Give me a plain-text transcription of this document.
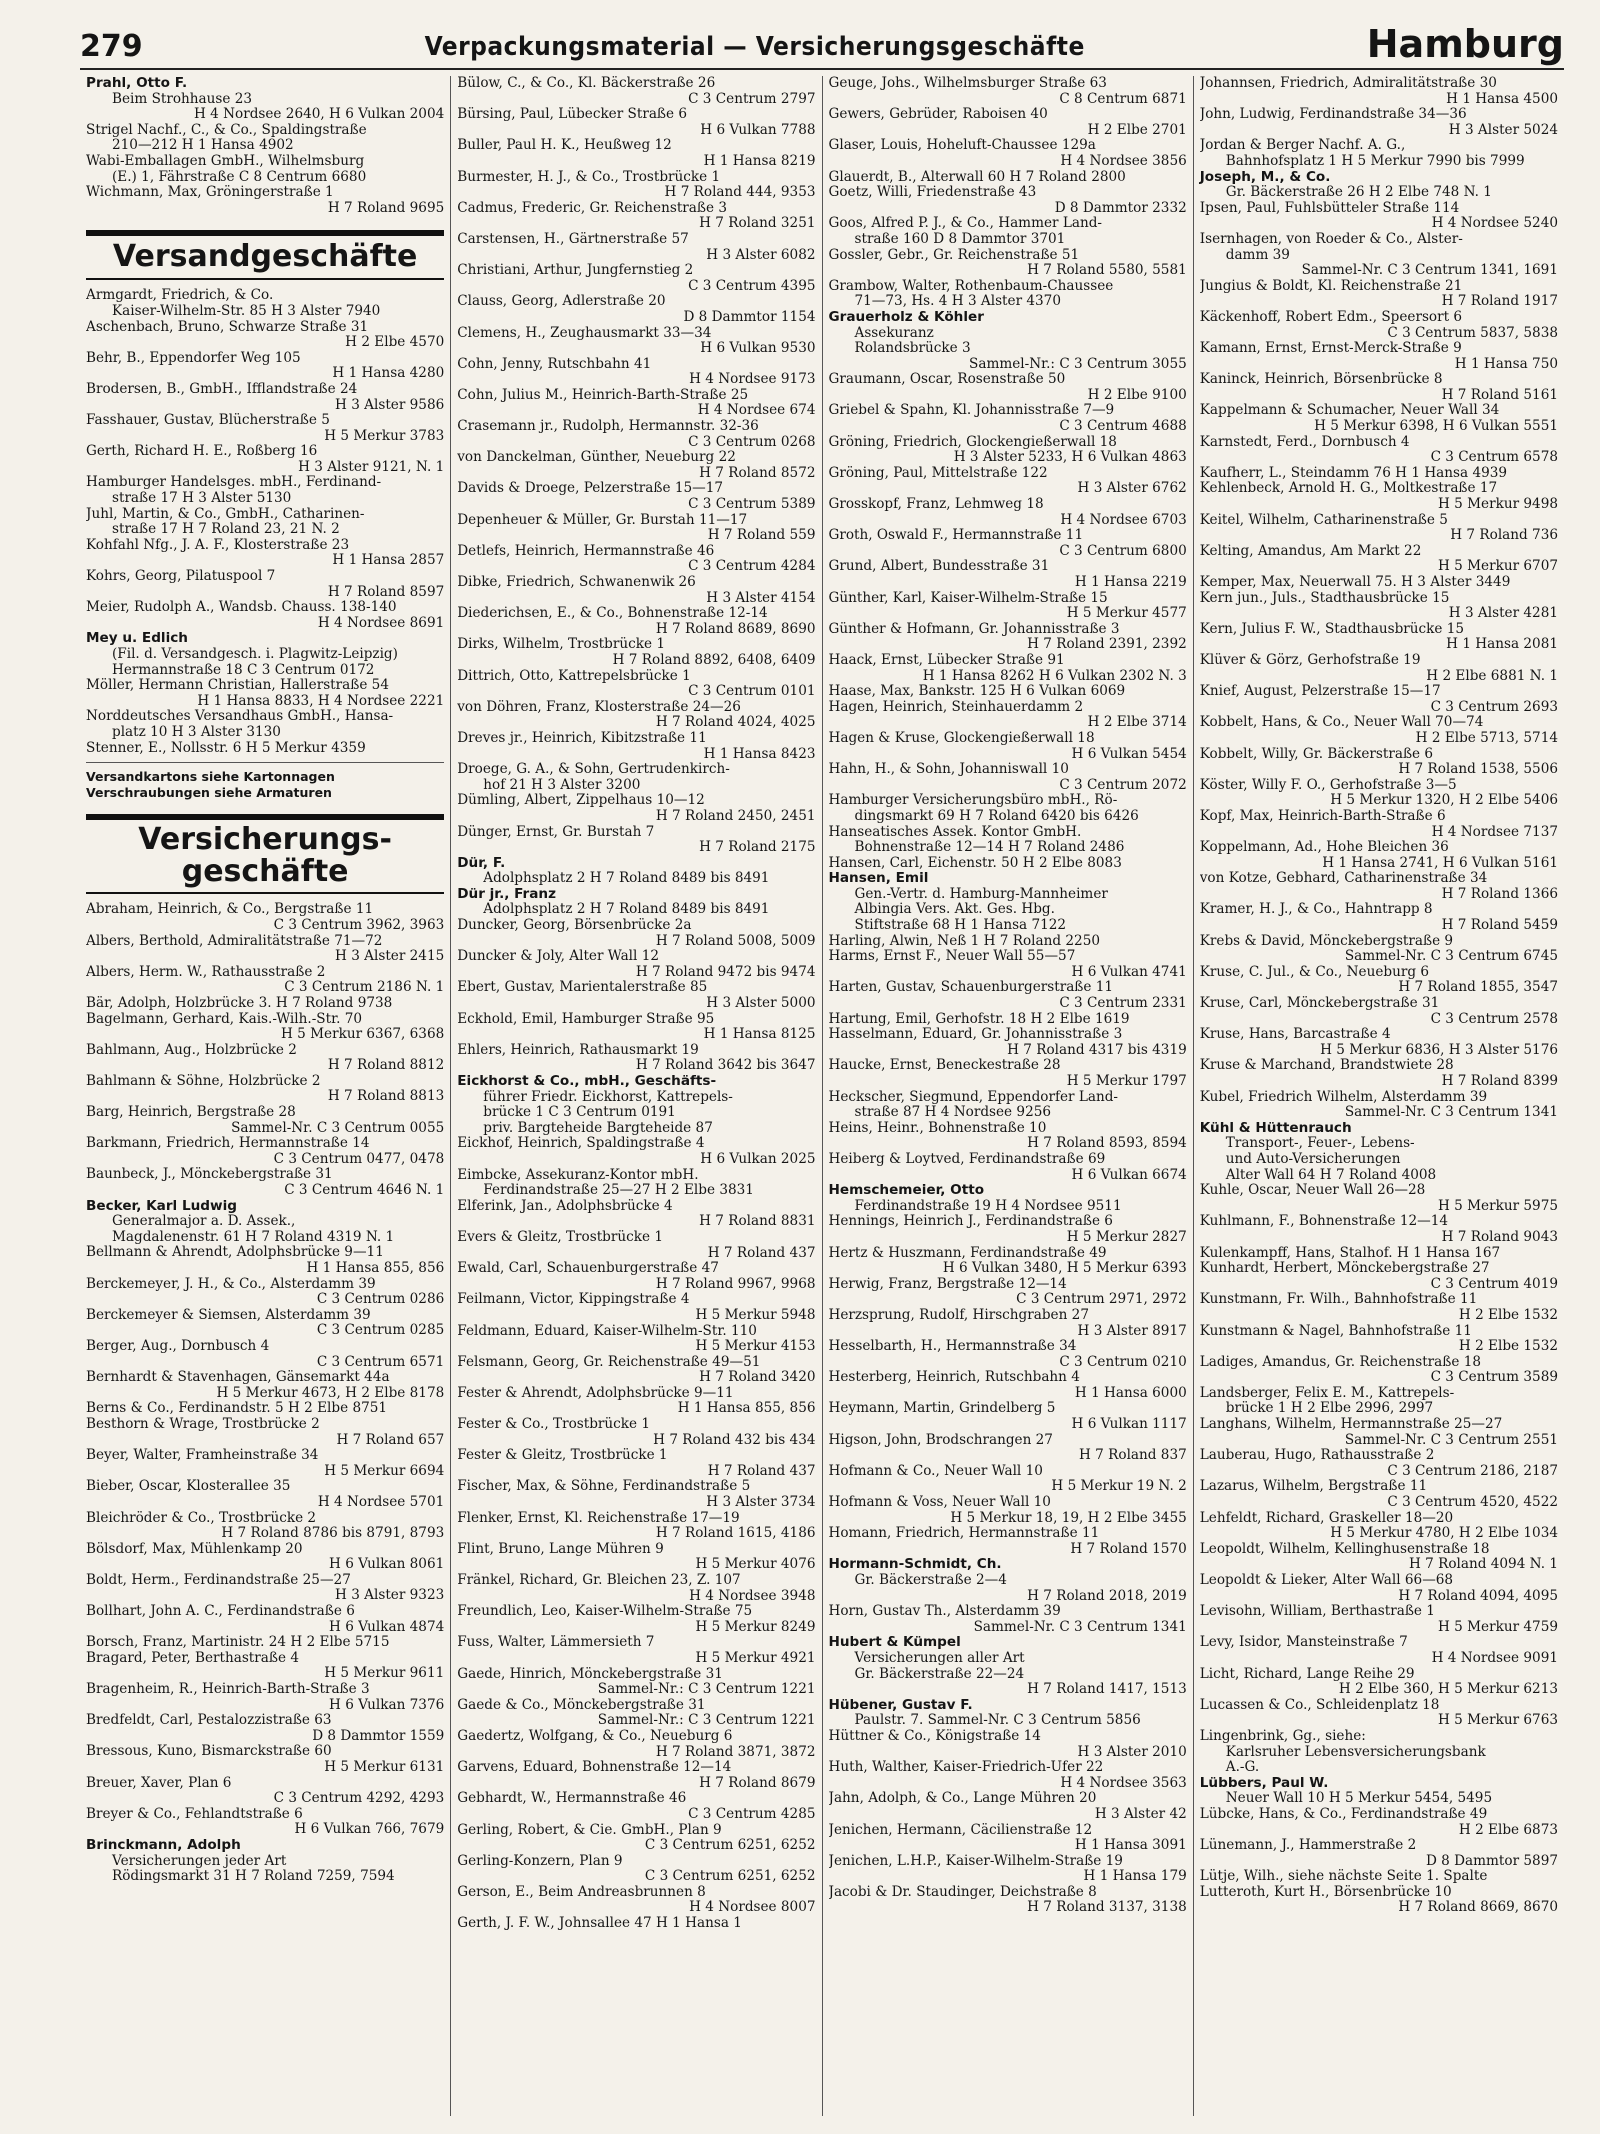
279	Verpackungsmaterial — Versicherungsgeschäfte	Hamburg
Prahl, Otto F.
Beim Strohhause 23
H 4 Nordsee 2640, H 6 Vulkan 2004
Strigel Nachf., C., & Co., Spaldingstraße
210—212 H 1 Hansa 4902
Wabi-Emballagen GmbH., Wilhelmsburg
(E.) 1, Fährstraße C 8 Centrum 6680
Wichmann, Max, Gröningerstraße 1
H 7 Roland 9695
Versandgeschäfte
Armgardt, Friedrich, & Co.
Kaiser-Wilhelm-Str. 85 H 3 Alster 7940
Aschenbach, Bruno, Schwarze Straße 31
H 2 Elbe 4570
Behr, B., Eppendorfer Weg 105
H 1 Hansa 4280
Brodersen, B., GmbH., Ifflandstraße 24
H 3 Alster 9586
Fasshauer, Gustav, Blücherstraße 5
H 5 Merkur 3783
Gerth, Richard H. E., Roßberg 16
H 3 Alster 9121, N. 1
Hamburger Handelsges. mbH., Ferdinand-
straße 17 H 3 Alster 5130
Juhl, Martin, & Co., GmbH., Catharinen-
straße 17 H 7 Roland 23, 21 N. 2
Kohfahl Nfg., J. A. F., Klosterstraße 23
H 1 Hansa 2857
Kohrs, Georg, Pilatuspool 7
H 7 Roland 8597
Meier, Rudolph A., Wandsb. Chauss. 138-140
H 4 Nordsee 8691
Mey u. Edlich
(Fil. d. Versandgesch. i. Plagwitz-Leipzig)
Hermannstraße 18 C 3 Centrum 0172
Möller, Hermann Christian, Hallerstraße 54
H 1 Hansa 8833, H 4 Nordsee 2221
Norddeutsches Versandhaus GmbH., Hansa-
platz 10 H 3 Alster 3130
Stenner, E., Nollsstr. 6 H 5 Merkur 4359
Versandkartons siehe Kartonnagen
Verschraubungen siehe Armaturen
Versicherungs-
geschäfte
Abraham, Heinrich, & Co., Bergstraße 11
C 3 Centrum 3962, 3963
Albers, Berthold, Admiralitätstraße 71—72
H 3 Alster 2415
Albers, Herm. W., Rathausstraße 2
C 3 Centrum 2186 N. 1
Bär, Adolph, Holzbrücke 3. H 7 Roland 9738
Bagelmann, Gerhard, Kais.-Wilh.-Str. 70
H 5 Merkur 6367, 6368
Bahlmann, Aug., Holzbrücke 2
H 7 Roland 8812
Bahlmann & Söhne, Holzbrücke 2
H 7 Roland 8813
Barg, Heinrich, Bergstraße 28
Sammel-Nr. C 3 Centrum 0055
Barkmann, Friedrich, Hermannstraße 14
C 3 Centrum 0477, 0478
Baunbeck, J., Mönckebergstraße 31
C 3 Centrum 4646 N. 1
Becker, Karl Ludwig
Generalmajor a. D. Assek.,
Magdalenenstr. 61 H 7 Roland 4319 N. 1
Bellmann & Ahrendt, Adolphsbrücke 9—11
H 1 Hansa 855, 856
Berckemeyer, J. H., & Co., Alsterdamm 39
C 3 Centrum 0286
Berckemeyer & Siemsen, Alsterdamm 39
C 3 Centrum 0285
Berger, Aug., Dornbusch 4
C 3 Centrum 6571
Bernhardt & Stavenhagen, Gänsemarkt 44a
H 5 Merkur 4673, H 2 Elbe 8178
Berns & Co., Ferdinandstr. 5 H 2 Elbe 8751
Besthorn & Wrage, Trostbrücke 2
H 7 Roland 657
Beyer, Walter, Framheinstraße 34
H 5 Merkur 6694
Bieber, Oscar, Klosterallee 35
H 4 Nordsee 5701
Bleichröder & Co., Trostbrücke 2
H 7 Roland 8786 bis 8791, 8793
Bölsdorf, Max, Mühlenkamp 20
H 6 Vulkan 8061
Boldt, Herm., Ferdinandstraße 25—27
H 3 Alster 9323
Bollhart, John A. C., Ferdinandstraße 6
H 6 Vulkan 4874
Borsch, Franz, Martinistr. 24 H 2 Elbe 5715
Bragard, Peter, Berthastraße 4
H 5 Merkur 9611
Bragenheim, R., Heinrich-Barth-Straße 3
H 6 Vulkan 7376
Bredfeldt, Carl, Pestalozzistraße 63
D 8 Dammtor 1559
Bressous, Kuno, Bismarckstraße 60
H 5 Merkur 6131
Breuer, Xaver, Plan 6
C 3 Centrum 4292, 4293
Breyer & Co., Fehlandtstraße 6
H 6 Vulkan 766, 7679
Brinckmann, Adolph
Versicherungen jeder Art
Rödingsmarkt 31 H 7 Roland 7259, 7594
Bülow, C., & Co., Kl. Bäckerstraße 26
C 3 Centrum 2797
Bürsing, Paul, Lübecker Straße 6
H 6 Vulkan 7788
Buller, Paul H. K., Heußweg 12
H 1 Hansa 8219
Burmester, H. J., & Co., Trostbrücke 1
H 7 Roland 444, 9353
Cadmus, Frederic, Gr. Reichenstraße 3
H 7 Roland 3251
Carstensen, H., Gärtnerstraße 57
H 3 Alster 6082
Christiani, Arthur, Jungfernstieg 2
C 3 Centrum 4395
Clauss, Georg, Adlerstraße 20
D 8 Dammtor 1154
Clemens, H., Zeughausmarkt 33—34
H 6 Vulkan 9530
Cohn, Jenny, Rutschbahn 41
H 4 Nordsee 9173
Cohn, Julius M., Heinrich-Barth-Straße 25
H 4 Nordsee 674
Crasemann jr., Rudolph, Hermannstr. 32-36
C 3 Centrum 0268
von Danckelman, Günther, Neueburg 22
H 7 Roland 8572
Davids & Droege, Pelzerstraße 15—17
C 3 Centrum 5389
Depenheuer & Müller, Gr. Burstah 11—17
H 7 Roland 559
Detlefs, Heinrich, Hermannstraße 46
C 3 Centrum 4284
Dibke, Friedrich, Schwanenwik 26
H 3 Alster 4154
Diederichsen, E., & Co., Bohnenstraße 12-14
H 7 Roland 8689, 8690
Dirks, Wilhelm, Trostbrücke 1
H 7 Roland 8892, 6408, 6409
Dittrich, Otto, Kattrepelsbrücke 1
C 3 Centrum 0101
von Döhren, Franz, Klosterstraße 24—26
H 7 Roland 4024, 4025
Dreves jr., Heinrich, Kibitzstraße 11
H 1 Hansa 8423
Droege, G. A., & Sohn, Gertrudenkirch-
hof 21 H 3 Alster 3200
Dümling, Albert, Zippelhaus 10—12
H 7 Roland 2450, 2451
Dünger, Ernst, Gr. Burstah 7
H 7 Roland 2175
Dür, F.
Adolphsplatz 2 H 7 Roland 8489 bis 8491
Dür jr., Franz
Adolphsplatz 2 H 7 Roland 8489 bis 8491
Duncker, Georg, Börsenbrücke 2a
H 7 Roland 5008, 5009
Duncker & Joly, Alter Wall 12
H 7 Roland 9472 bis 9474
Ebert, Gustav, Marientalerstraße 85
H 3 Alster 5000
Eckhold, Emil, Hamburger Straße 95
H 1 Hansa 8125
Ehlers, Heinrich, Rathausmarkt 19
H 7 Roland 3642 bis 3647
Eickhorst & Co., mbH., Geschäfts-
führer Friedr. Eickhorst, Kattrepels-
brücke 1 C 3 Centrum 0191
priv. Bargteheide Bargteheide 87
Eickhof, Heinrich, Spaldingstraße 4
H 6 Vulkan 2025
Eimbcke, Assekuranz-Kontor mbH.
Ferdinandstraße 25—27 H 2 Elbe 3831
Elferink, Jan., Adolphsbrücke 4
H 7 Roland 8831
Evers & Gleitz, Trostbrücke 1
H 7 Roland 437
Ewald, Carl, Schauenburgerstraße 47
H 7 Roland 9967, 9968
Feilmann, Victor, Kippingstraße 4
H 5 Merkur 5948
Feldmann, Eduard, Kaiser-Wilhelm-Str. 110
H 5 Merkur 4153
Felsmann, Georg, Gr. Reichenstraße 49—51
H 7 Roland 3420
Fester & Ahrendt, Adolphsbrücke 9—11
H 1 Hansa 855, 856
Fester & Co., Trostbrücke 1
H 7 Roland 432 bis 434
Fester & Gleitz, Trostbrücke 1
H 7 Roland 437
Fischer, Max, & Söhne, Ferdinandstraße 5
H 3 Alster 3734
Flenker, Ernst, Kl. Reichenstraße 17—19
H 7 Roland 1615, 4186
Flint, Bruno, Lange Mühren 9
H 5 Merkur 4076
Fränkel, Richard, Gr. Bleichen 23, Z. 107
H 4 Nordsee 3948
Freundlich, Leo, Kaiser-Wilhelm-Straße 75
H 5 Merkur 8249
Fuss, Walter, Lämmersieth 7
H 5 Merkur 4921
Gaede, Hinrich, Mönckebergstraße 31
Sammel-Nr.: C 3 Centrum 1221
Gaede & Co., Mönckebergstraße 31
Sammel-Nr.: C 3 Centrum 1221
Gaedertz, Wolfgang, & Co., Neueburg 6
H 7 Roland 3871, 3872
Garvens, Eduard, Bohnenstraße 12—14
H 7 Roland 8679
Gebhardt, W., Hermannstraße 46
C 3 Centrum 4285
Gerling, Robert, & Cie. GmbH., Plan 9
C 3 Centrum 6251, 6252
Gerling-Konzern, Plan 9
C 3 Centrum 6251, 6252
Gerson, E., Beim Andreasbrunnen 8
H 4 Nordsee 8007
Gerth, J. F. W., Johnsallee 47 H 1 Hansa 1
Geuge, Johs., Wilhelmsburger Straße 63
C 8 Centrum 6871
Gewers, Gebrüder, Raboisen 40
H 2 Elbe 2701
Glaser, Louis, Hoheluft-Chaussee 129a
H 4 Nordsee 3856
Glauerdt, B., Alterwall 60 H 7 Roland 2800
Goetz, Willi, Friedenstraße 43
D 8 Dammtor 2332
Goos, Alfred P. J., & Co., Hammer Land-
straße 160 D 8 Dammtor 3701
Gossler, Gebr., Gr. Reichenstraße 51
H 7 Roland 5580, 5581
Grambow, Walter, Rothenbaum-Chaussee
71—73, Hs. 4 H 3 Alster 4370
Grauerholz & Köhler
Assekuranz
Rolandsbrücke 3
Sammel-Nr.: C 3 Centrum 3055
Graumann, Oscar, Rosenstraße 50
H 2 Elbe 9100
Griebel & Spahn, Kl. Johannisstraße 7—9
C 3 Centrum 4688
Gröning, Friedrich, Glockengießerwall 18
H 3 Alster 5233, H 6 Vulkan 4863
Gröning, Paul, Mittelstraße 122
H 3 Alster 6762
Grosskopf, Franz, Lehmweg 18
H 4 Nordsee 6703
Groth, Oswald F., Hermannstraße 11
C 3 Centrum 6800
Grund, Albert, Bundesstraße 31
H 1 Hansa 2219
Günther, Karl, Kaiser-Wilhelm-Straße 15
H 5 Merkur 4577
Günther & Hofmann, Gr. Johannisstraße 3
H 7 Roland 2391, 2392
Haack, Ernst, Lübecker Straße 91
H 1 Hansa 8262 H 6 Vulkan 2302 N. 3
Haase, Max, Bankstr. 125 H 6 Vulkan 6069
Hagen, Heinrich, Steinhauerdamm 2
H 2 Elbe 3714
Hagen & Kruse, Glockengießerwall 18
H 6 Vulkan 5454
Hahn, H., & Sohn, Johanniswall 10
C 3 Centrum 2072
Hamburger Versicherungsbüro mbH., Rö-
dingsmarkt 69 H 7 Roland 6420 bis 6426
Hanseatisches Assek. Kontor GmbH.
Bohnenstraße 12—14 H 7 Roland 2486
Hansen, Carl, Eichenstr. 50 H 2 Elbe 8083
Hansen, Emil
Gen.-Vertr. d. Hamburg-Mannheimer
Albingia Vers. Akt. Ges. Hbg.
Stiftstraße 68 H 1 Hansa 7122
Harling, Alwin, Neß 1 H 7 Roland 2250
Harms, Ernst F., Neuer Wall 55—57
H 6 Vulkan 4741
Harten, Gustav, Schauenburgerstraße 11
C 3 Centrum 2331
Hartung, Emil, Gerhofstr. 18 H 2 Elbe 1619
Hasselmann, Eduard, Gr. Johannisstraße 3
H 7 Roland 4317 bis 4319
Haucke, Ernst, Beneckestraße 28
H 5 Merkur 1797
Heckscher, Siegmund, Eppendorfer Land-
straße 87 H 4 Nordsee 9256
Heins, Heinr., Bohnenstraße 10
H 7 Roland 8593, 8594
Heiberg & Loytved, Ferdinandstraße 69
H 6 Vulkan 6674
Hemschemeier, Otto
Ferdinandstraße 19 H 4 Nordsee 9511
Hennings, Heinrich J., Ferdinandstraße 6
H 5 Merkur 2827
Hertz & Huszmann, Ferdinandstraße 49
H 6 Vulkan 3480, H 5 Merkur 6393
Herwig, Franz, Bergstraße 12—14
C 3 Centrum 2971, 2972
Herzsprung, Rudolf, Hirschgraben 27
H 3 Alster 8917
Hesselbarth, H., Hermannstraße 34
C 3 Centrum 0210
Hesterberg, Heinrich, Rutschbahn 4
H 1 Hansa 6000
Heymann, Martin, Grindelberg 5
H 6 Vulkan 1117
Higson, John, Brodschrangen 27
H 7 Roland 837
Hofmann & Co., Neuer Wall 10
H 5 Merkur 19 N. 2
Hofmann & Voss, Neuer Wall 10
H 5 Merkur 18, 19, H 2 Elbe 3455
Homann, Friedrich, Hermannstraße 11
H 7 Roland 1570
Hormann-Schmidt, Ch.
Gr. Bäckerstraße 2—4
H 7 Roland 2018, 2019
Horn, Gustav Th., Alsterdamm 39
Sammel-Nr. C 3 Centrum 1341
Hubert & Kümpel
Versicherungen aller Art
Gr. Bäckerstraße 22—24
H 7 Roland 1417, 1513
Hübener, Gustav F.
Paulstr. 7. Sammel-Nr. C 3 Centrum 5856
Hüttner & Co., Königstraße 14
H 3 Alster 2010
Huth, Walther, Kaiser-Friedrich-Ufer 22
H 4 Nordsee 3563
Jahn, Adolph, & Co., Lange Mühren 20
H 3 Alster 42
Jenichen, Hermann, Cäcilienstraße 12
H 1 Hansa 3091
Jenichen, L.H.P., Kaiser-Wilhelm-Straße 19
H 1 Hansa 179
Jacobi & Dr. Staudinger, Deichstraße 8
H 7 Roland 3137, 3138
Johannsen, Friedrich, Admiralitätstraße 30
H 1 Hansa 4500
John, Ludwig, Ferdinandstraße 34—36
H 3 Alster 5024
Jordan & Berger Nachf. A. G.,
Bahnhofsplatz 1 H 5 Merkur 7990 bis 7999
Joseph, M., & Co.
Gr. Bäckerstraße 26 H 2 Elbe 748 N. 1
Ipsen, Paul, Fuhlsbütteler Straße 114
H 4 Nordsee 5240
Isernhagen, von Roeder & Co., Alster-
damm 39
Sammel-Nr. C 3 Centrum 1341, 1691
Jungius & Boldt, Kl. Reichenstraße 21
H 7 Roland 1917
Käckenhoff, Robert Edm., Speersort 6
C 3 Centrum 5837, 5838
Kamann, Ernst, Ernst-Merck-Straße 9
H 1 Hansa 750
Kaninck, Heinrich, Börsenbrücke 8
H 7 Roland 5161
Kappelmann & Schumacher, Neuer Wall 34
H 5 Merkur 6398, H 6 Vulkan 5551
Karnstedt, Ferd., Dornbusch 4
C 3 Centrum 6578
Kaufherr, L., Steindamm 76 H 1 Hansa 4939
Kehlenbeck, Arnold H. G., Moltkestraße 17
H 5 Merkur 9498
Keitel, Wilhelm, Catharinenstraße 5
H 7 Roland 736
Kelting, Amandus, Am Markt 22
H 5 Merkur 6707
Kemper, Max, Neuerwall 75. H 3 Alster 3449
Kern jun., Juls., Stadthausbrücke 15
H 3 Alster 4281
Kern, Julius F. W., Stadthausbrücke 15
H 1 Hansa 2081
Klüver & Görz, Gerhofstraße 19
H 2 Elbe 6881 N. 1
Knief, August, Pelzerstraße 15—17
C 3 Centrum 2693
Kobbelt, Hans, & Co., Neuer Wall 70—74
H 2 Elbe 5713, 5714
Kobbelt, Willy, Gr. Bäckerstraße 6
H 7 Roland 1538, 5506
Köster, Willy F. O., Gerhofstraße 3—5
H 5 Merkur 1320, H 2 Elbe 5406
Kopf, Max, Heinrich-Barth-Straße 6
H 4 Nordsee 7137
Koppelmann, Ad., Hohe Bleichen 36
H 1 Hansa 2741, H 6 Vulkan 5161
von Kotze, Gebhard, Catharinenstraße 34
H 7 Roland 1366
Kramer, H. J., & Co., Hahntrapp 8
H 7 Roland 5459
Krebs & David, Mönckebergstraße 9
Sammel-Nr. C 3 Centrum 6745
Kruse, C. Jul., & Co., Neueburg 6
H 7 Roland 1855, 3547
Kruse, Carl, Mönckebergstraße 31
C 3 Centrum 2578
Kruse, Hans, Barcastraße 4
H 5 Merkur 6836, H 3 Alster 5176
Kruse & Marchand, Brandstwiete 28
H 7 Roland 8399
Kubel, Friedrich Wilhelm, Alsterdamm 39
Sammel-Nr. C 3 Centrum 1341
Kühl & Hüttenrauch
Transport-, Feuer-, Lebens-
und Auto-Versicherungen
Alter Wall 64 H 7 Roland 4008
Kuhle, Oscar, Neuer Wall 26—28
H 5 Merkur 5975
Kuhlmann, F., Bohnenstraße 12—14
H 7 Roland 9043
Kulenkampff, Hans, Stalhof. H 1 Hansa 167
Kunhardt, Herbert, Mönckebergstraße 27
C 3 Centrum 4019
Kunstmann, Fr. Wilh., Bahnhofstraße 11
H 2 Elbe 1532
Kunstmann & Nagel, Bahnhofstraße 11
H 2 Elbe 1532
Ladiges, Amandus, Gr. Reichenstraße 18
C 3 Centrum 3589
Landsberger, Felix E. M., Kattrepels-
brücke 1 H 2 Elbe 2996, 2997
Langhans, Wilhelm, Hermannstraße 25—27
Sammel-Nr. C 3 Centrum 2551
Lauberau, Hugo, Rathausstraße 2
C 3 Centrum 2186, 2187
Lazarus, Wilhelm, Bergstraße 11
C 3 Centrum 4520, 4522
Lehfeldt, Richard, Graskeller 18—20
H 5 Merkur 4780, H 2 Elbe 1034
Leopoldt, Wilhelm, Kellinghusenstraße 18
H 7 Roland 4094 N. 1
Leopoldt & Lieker, Alter Wall 66—68
H 7 Roland 4094, 4095
Levisohn, William, Berthastraße 1
H 5 Merkur 4759
Levy, Isidor, Mansteinstraße 7
H 4 Nordsee 9091
Licht, Richard, Lange Reihe 29
H 2 Elbe 360, H 5 Merkur 6213
Lucassen & Co., Schleidenplatz 18
H 5 Merkur 6763
Lingenbrink, Gg., siehe:
Karlsruher Lebensversicherungsbank
A.-G.
Lübbers, Paul W.
Neuer Wall 10 H 5 Merkur 5454, 5495
Lübcke, Hans, & Co., Ferdinandstraße 49
H 2 Elbe 6873
Lünemann, J., Hammerstraße 2
D 8 Dammtor 5897
Lütje, Wilh., siehe nächste Seite 1. Spalte
Lutteroth, Kurt H., Börsenbrücke 10
H 7 Roland 8669, 8670
